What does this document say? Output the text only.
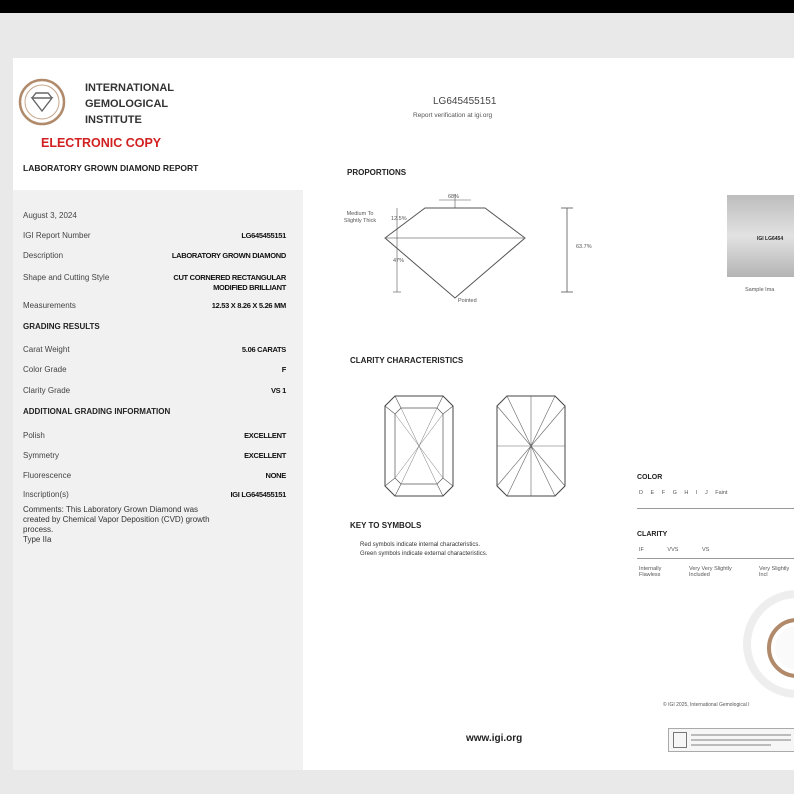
INTERNATIONAL
GEMOLOGICAL
INSTITUTE
ELECTRONIC COPY
LABORATORY GROWN DIAMOND REPORT
August 3, 2024
IGI Report Number	LG645455151
Description	LABORATORY GROWN DIAMOND
Shape and Cutting Style	CUT CORNERED RECTANGULAR
MODIFIED BRILLIANT
Measurements	12.53 X 8.26 X 5.26 MM
GRADING RESULTS
Carat Weight	5.06 CARATS
Color Grade	F
Clarity Grade	VS 1
ADDITIONAL GRADING INFORMATION
Polish	EXCELLENT
Symmetry	EXCELLENT
Fluorescence	NONE
Inscription(s)	IGI LG645455151
Comments: This Laboratory Grown Diamond was
created by Chemical Vapor Deposition (CVD) growth
process.
Type IIa
LG645455151
Report verification at igi.org
PROPORTIONS
68%
Medium To
Slightly Thick	12.5%
47%
63.7%
Pointed
IGI LG6454
Sample Ima
CLARITY CHARACTERISTICS
KEY TO SYMBOLS
Red symbols indicate internal characteristics.
Green symbols indicate external characteristics.
COLOR
D E F G H I J Faint
CLARITY
IF VVS VS
Internally Flawless
Very Very Slightly Included
Very Slightly Incl
© IGI 2025, International Gemological I
www.igi.org
